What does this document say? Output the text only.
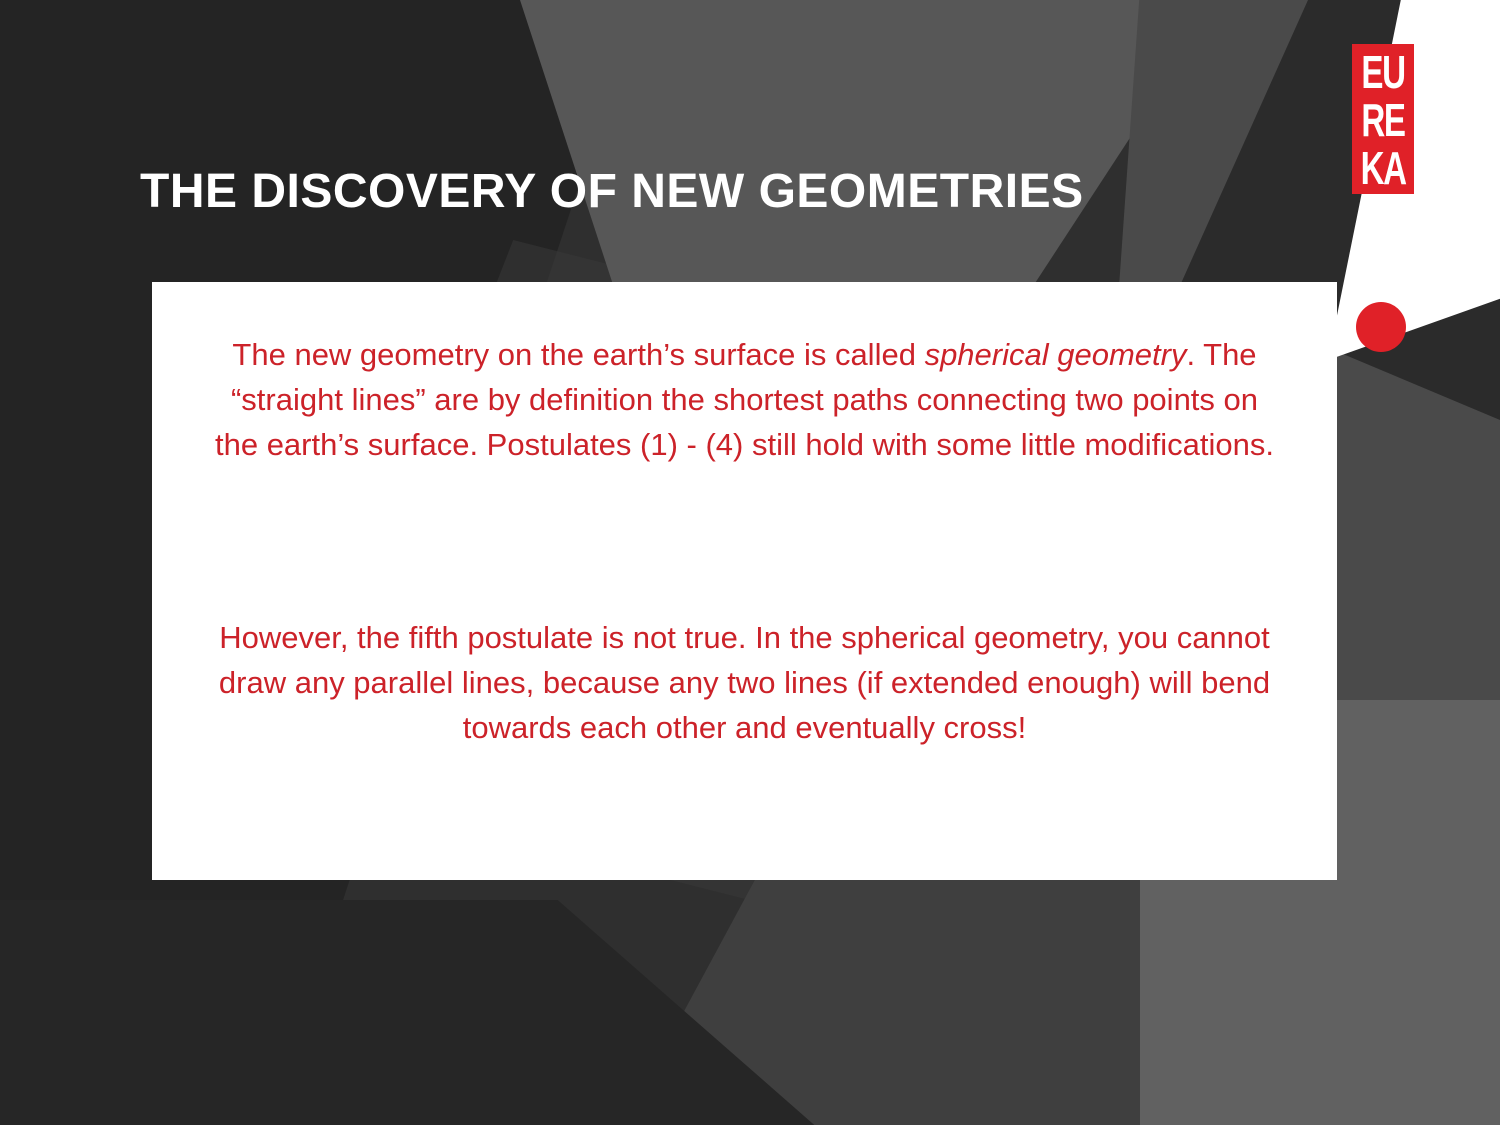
EU
RE
KA
THE DISCOVERY OF NEW GEOMETRIES

The new geometry on the earth’s surface is called spherical geometry. The “straight lines” are by definition the shortest paths connecting two points on the earth’s surface. Postulates (1) - (4) still hold with some little modifications.

However, the fifth postulate is not true. In the spherical geometry, you cannot draw any parallel lines, because any two lines (if extended enough) will bend towards each other and eventually cross!
